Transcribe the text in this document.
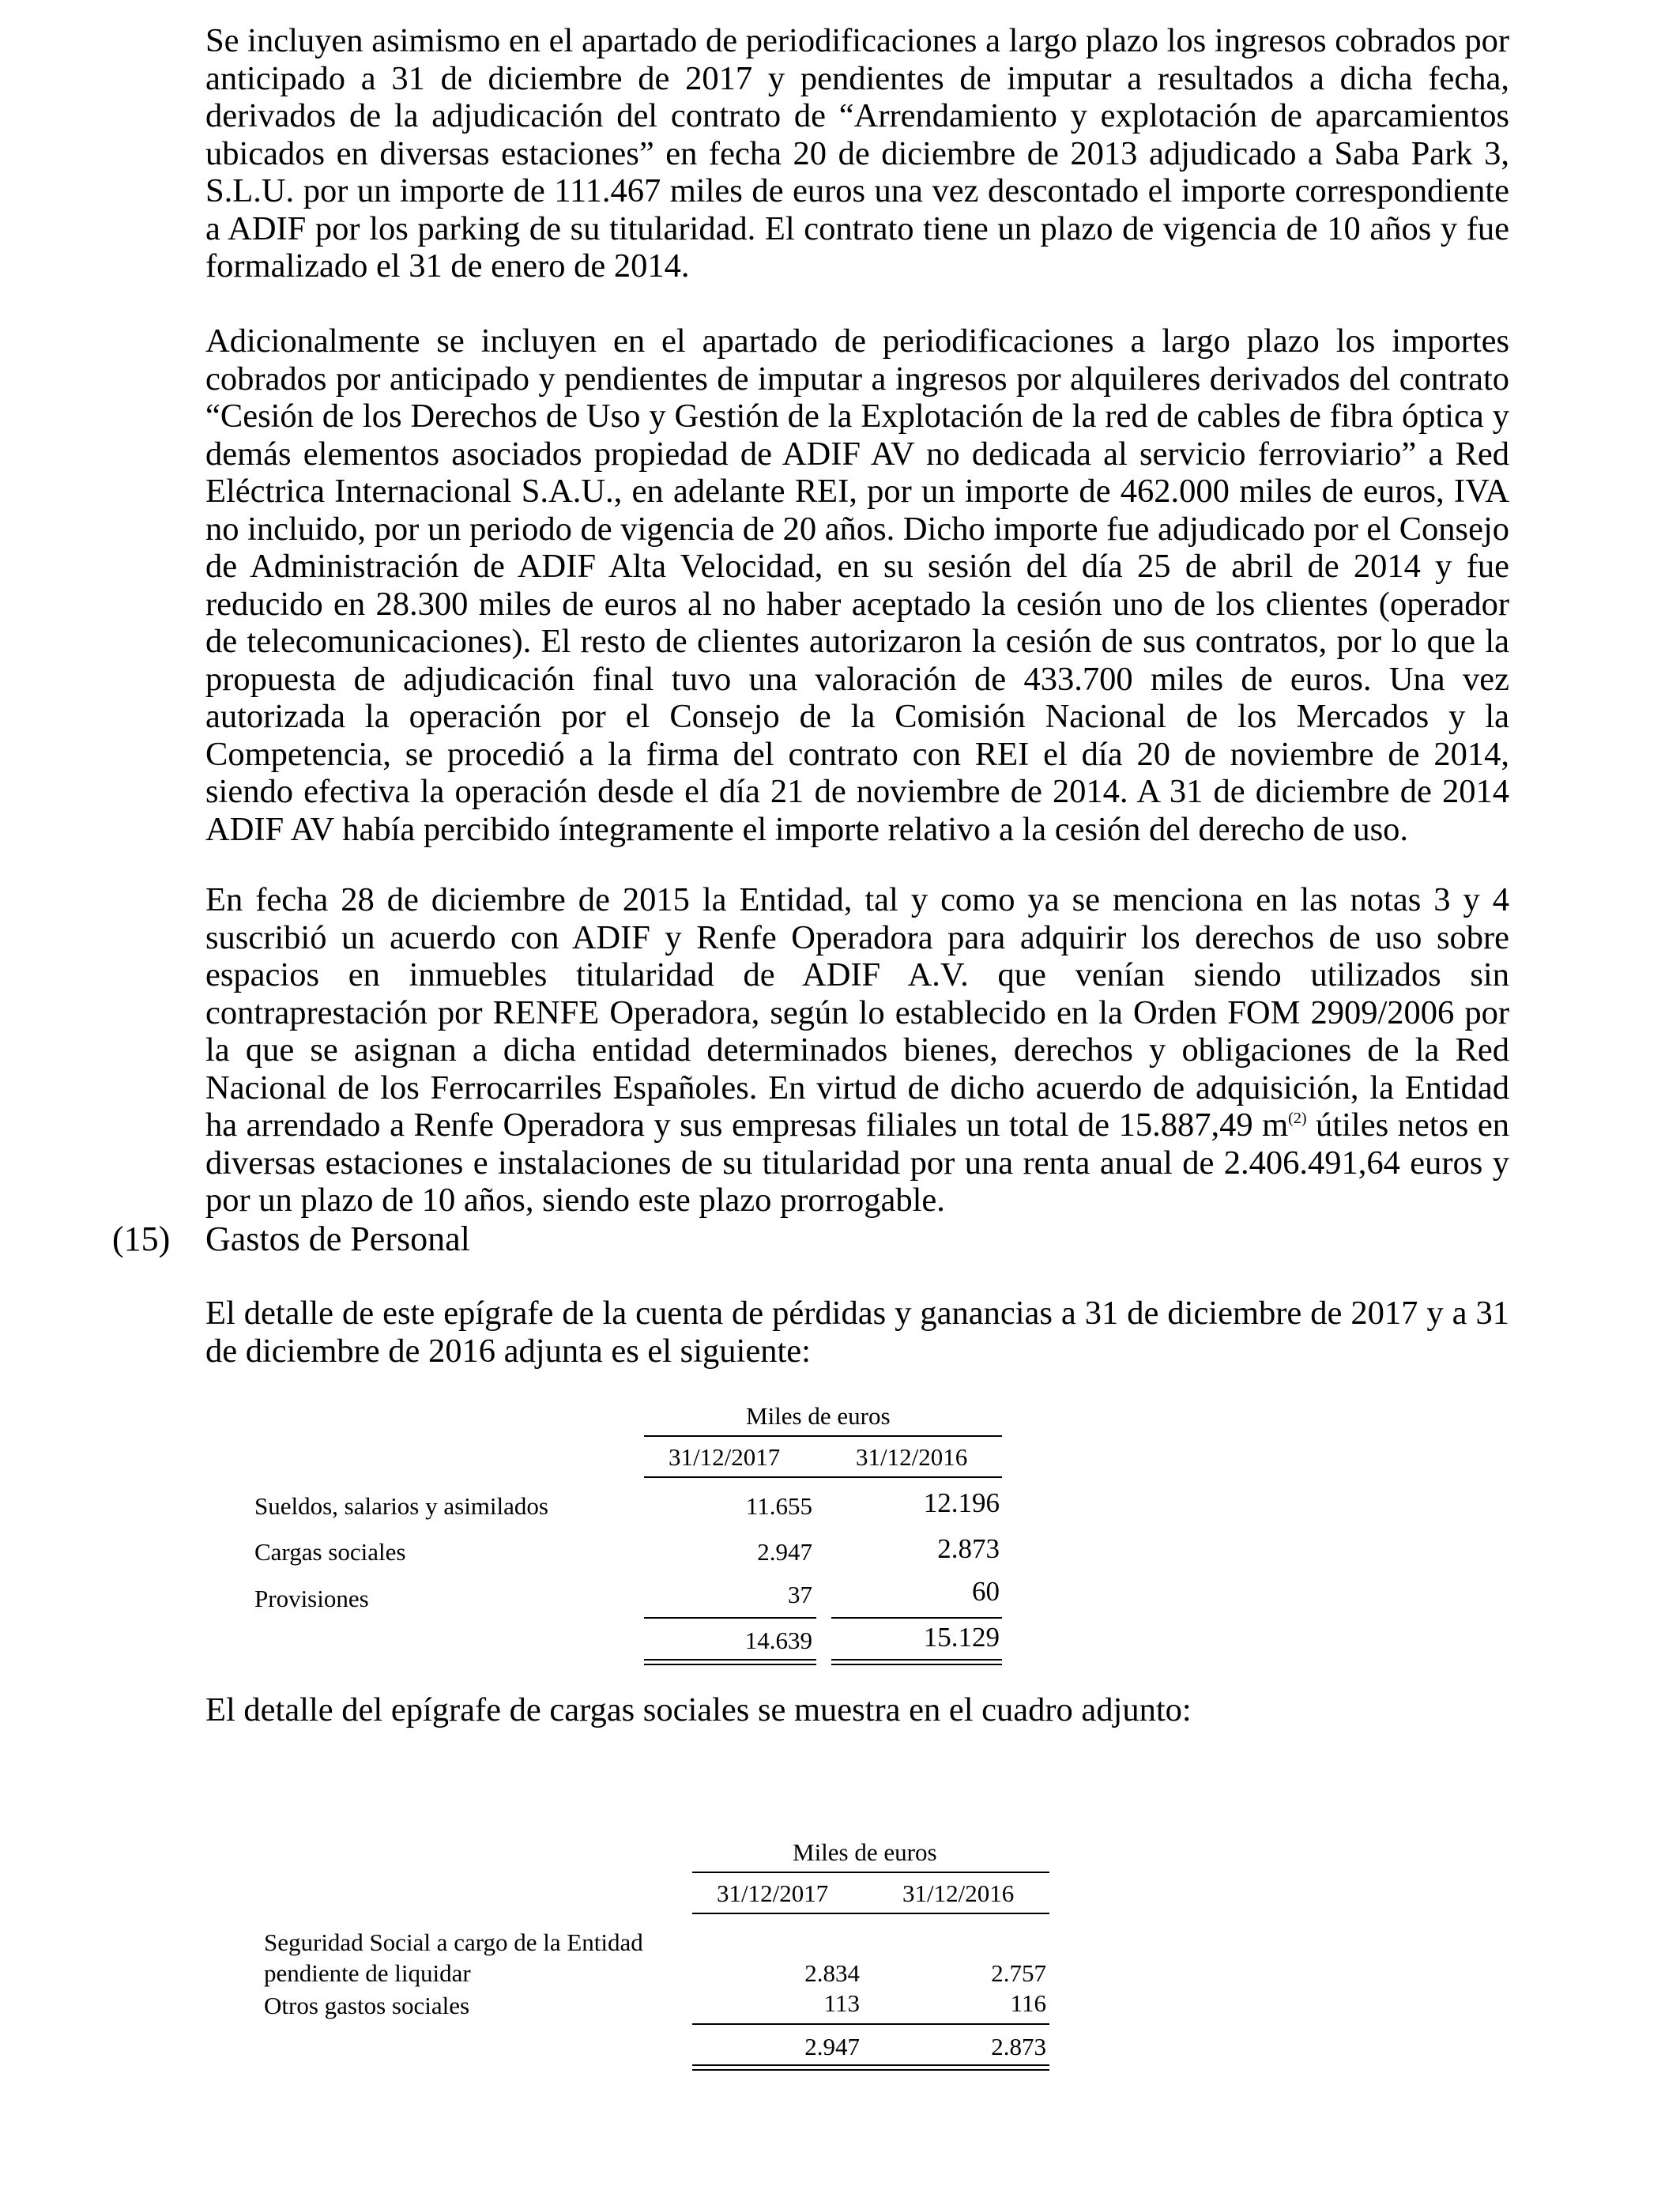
Se incluyen asimismo en el apartado de periodificaciones a largo plazo los ingresos cobrados por anticipado a 31 de diciembre de 2017 y pendientes de imputar a resultados a dicha fecha, derivados de la adjudicación del contrato de “Arrendamiento y explotación de aparcamientos ubicados en diversas estaciones” en fecha 20 de diciembre de 2013 adjudicado a Saba Park 3, S.L.U. por un importe de 111.467 miles de euros una vez descontado el importe correspondiente a ADIF por los parking de su titularidad. El contrato tiene un plazo de vigencia de 10 años y fue formalizado el 31 de enero de 2014.

Adicionalmente se incluyen en el apartado de periodificaciones a largo plazo los importes cobrados por anticipado y pendientes de imputar a ingresos por alquileres derivados del contrato “Cesión de los Derechos de Uso y Gestión de la Explotación de la red de cables de fibra óptica y demás elementos asociados propiedad de ADIF AV no dedicada al servicio ferroviario” a Red Eléctrica Internacional S.A.U., en adelante REI, por un importe de 462.000 miles de euros, IVA no incluido, por un periodo de vigencia de 20 años. Dicho importe fue adjudicado por el Consejo de Administración de ADIF Alta Velocidad, en su sesión del día 25 de abril de 2014 y fue reducido en 28.300 miles de euros al no haber aceptado la cesión uno de los clientes (operador de telecomunicaciones). El resto de clientes autorizaron la cesión de sus contratos, por lo que la propuesta de adjudicación final tuvo una valoración de 433.700 miles de euros. Una vez autorizada la operación por el Consejo de la Comisión Nacional de los Mercados y la Competencia, se procedió a la firma del contrato con REI el día 20 de noviembre de 2014, siendo efectiva la operación desde el día 21 de noviembre de 2014. A 31 de diciembre de 2014 ADIF AV había percibido íntegramente el importe relativo a la cesión del derecho de uso.

En fecha 28 de diciembre de 2015 la Entidad, tal y como ya se menciona en las notas 3 y 4 suscribió un acuerdo con ADIF y Renfe Operadora para adquirir los derechos de uso sobre espacios en inmuebles titularidad de ADIF A.V. que venían siendo utilizados sin contraprestación por RENFE Operadora, según lo establecido en la Orden FOM 2909/2006 por la que se asignan a dicha entidad determinados bienes, derechos y obligaciones de la Red Nacional de los Ferrocarriles Españoles. En virtud de dicho acuerdo de adquisición, la Entidad ha arrendado a Renfe Operadora y sus empresas filiales un total de 15.887,49 $m^{(2)}$ útiles netos en diversas estaciones e instalaciones de su titularidad por una renta anual de 2.406.491,64 euros y por un plazo de 10 años, siendo este plazo prorrogable.

(15) Gastos de Personal

El detalle de este epígrafe de la cuenta de pérdidas y ganancias a 31 de diciembre de 2017 y a 31 de diciembre de 2016 adjunta es el siguiente:

Miles de euros
31/12/2017	31/12/2016
Sueldos, salarios y asimilados	11.655	12.196
Cargas sociales	2.947	2.873
Provisiones	37	60
14.639	15.129

El detalle del epígrafe de cargas sociales se muestra en el cuadro adjunto:

Miles de euros
31/12/2017	31/12/2016
Seguridad Social a cargo de la Entidad
pendiente de liquidar	2.834	2.757
Otros gastos sociales	113	116
2.947	2.873
